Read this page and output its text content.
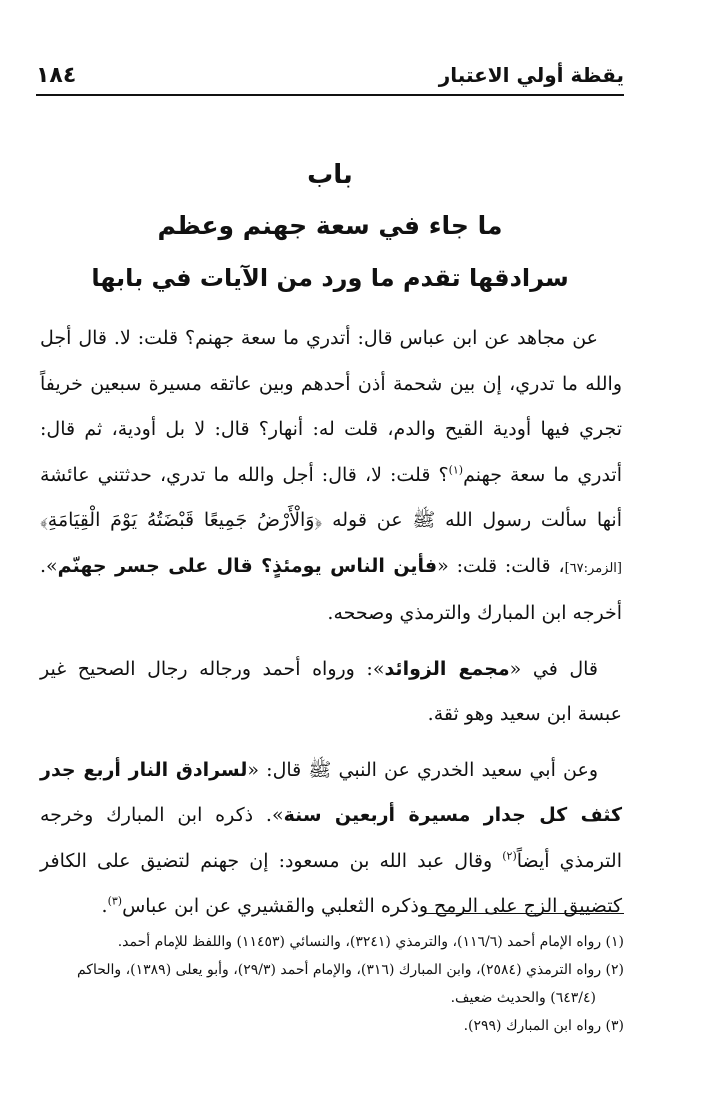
يقظة أولي الاعتبار
١٨٤
باب
ما جاء في سعة جهنم وعظم
سرادقها تقدم ما ورد من الآيات في بابها

عن مجاهد عن ابن عباس قال: أتدري ما سعة جهنم؟ قلت: لا. قال أجل والله ما تدري، إن بين شحمة أذن أحدهم وبين عاتقه مسيرة سبعين خريفاً تجري فيها أودية القيح والدم، قلت له: أنهار؟ قال: لا بل أودية، ثم قال: أتدري ما سعة جهنم$^{(١)}$؟ قلت: لا، قال: أجل والله ما تدري، حدثتني عائشة أنها سألت رسول الله ﷺ عن قوله ﴿وَالْأَرْضُ جَمِيعًا قَبْضَتُهُ يَوْمَ الْقِيَامَةِ﴾ [الزمر:٦٧]، قالت: قلت: «فأين الناس يومئذٍ؟ قال على جسر جهنّم». أخرجه ابن المبارك والترمذي وصححه.

قال في «مجمع الزوائد»: ورواه أحمد ورجاله رجال الصحيح غير عبسة ابن سعيد وهو ثقة.

وعن أبي سعيد الخدري عن النبي ﷺ قال: «لسرادق النار أربع جدر كثف كل جدار مسيرة أربعين سنة». ذكره ابن المبارك وخرجه الترمذي أيضاً$^{(٢)}$ وقال عبد الله بن مسعود: إن جهنم لتضيق على الكافر كتضييق الزج على الرمح وذكره الثعلبي والقشيري عن ابن عباس$^{(٣)}$.

(١) رواه الإمام أحمد (١١٦/٦)، والترمذي (٣٢٤١)، والنسائي (١١٤٥٣) واللفظ للإمام أحمد.

(٢) رواه الترمذي (٢٥٨٤)، وابن المبارك (٣١٦)، والإمام أحمد (٢٩/٣)، وأبو يعلى (١٣٨٩)، والحاكم

(٦٤٣/٤) والحديث ضعيف.

(٣) رواه ابن المبارك (٢٩٩).
